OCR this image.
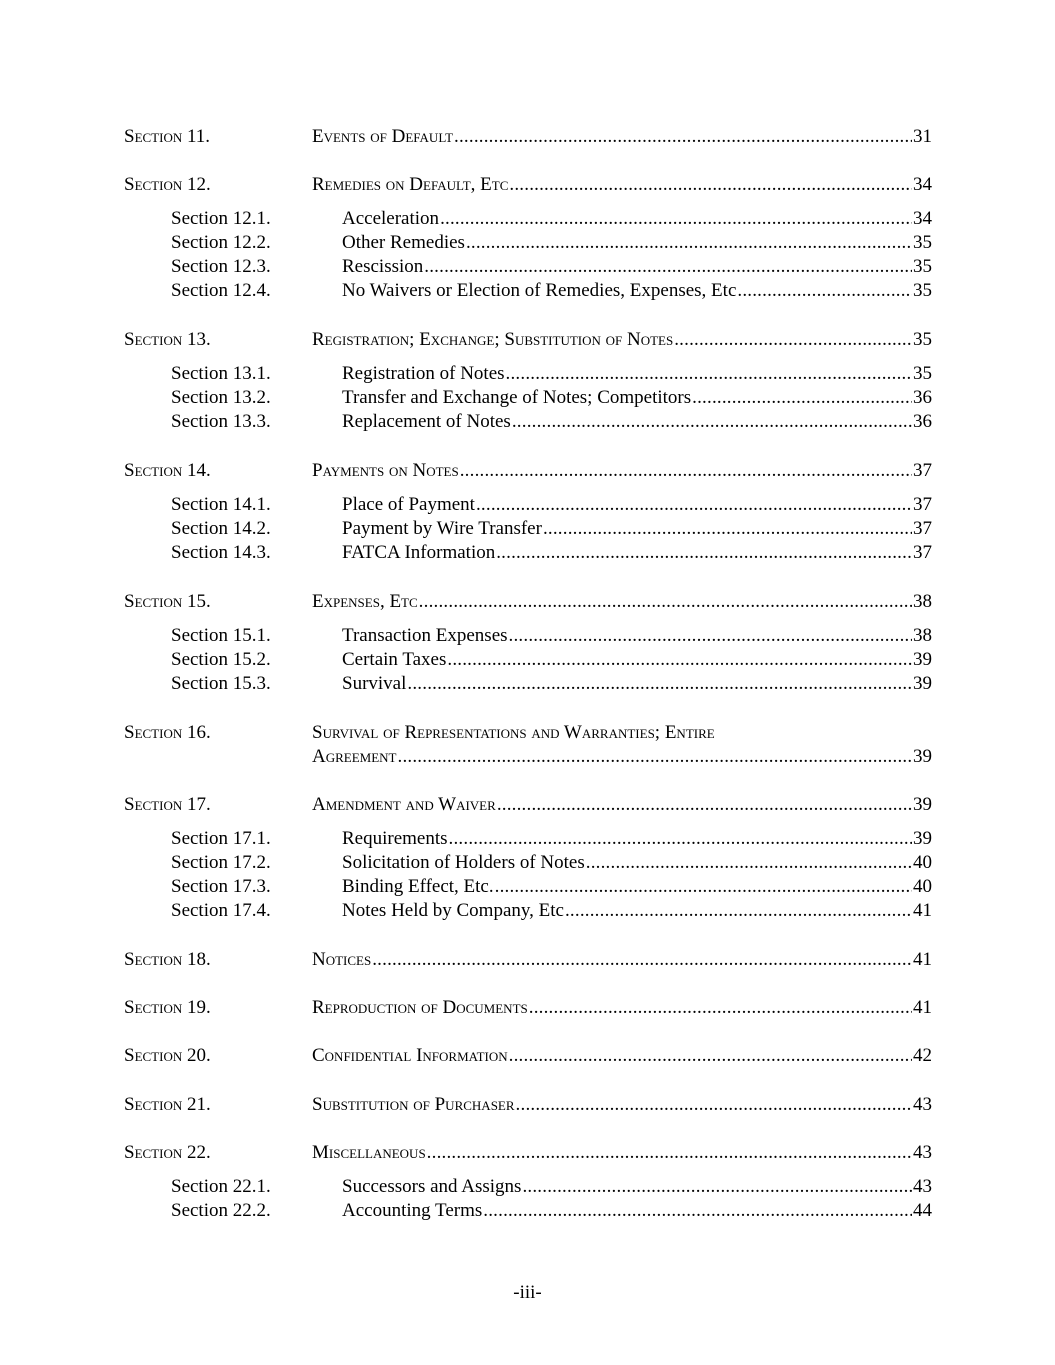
Section 11.	Events of Default .....	31
Section 12.	Remedies on Default, Etc .....	34
Section 12.1.	Acceleration .....	34
Section 12.2.	Other Remedies .....	35
Section 12.3.	Rescission .....	35
Section 12.4.	No Waivers or Election of Remedies, Expenses, Etc .....	35
Section 13.	Registration; Exchange; Substitution of Notes .....	35
Section 13.1.	Registration of Notes .....	35
Section 13.2.	Transfer and Exchange of Notes; Competitors .....	36
Section 13.3.	Replacement of Notes .....	36
Section 14.	Payments on Notes .....	37
Section 14.1.	Place of Payment .....	37
Section 14.2.	Payment by Wire Transfer .....	37
Section 14.3.	FATCA Information .....	37
Section 15.	Expenses, Etc .....	38
Section 15.1.	Transaction Expenses .....	38
Section 15.2.	Certain Taxes .....	39
Section 15.3.	Survival .....	39
Section 16.	Survival of Representations and Warranties; Entire
Agreement .....	39
Section 17.	Amendment and Waiver .....	39
Section 17.1.	Requirements .....	39
Section 17.2.	Solicitation of Holders of Notes .....	40
Section 17.3.	Binding Effect, Etc. .....	40
Section 17.4.	Notes Held by Company, Etc .....	41
Section 18.	Notices .....	41
Section 19.	Reproduction of Documents .....	41
Section 20.	Confidential Information .....	42
Section 21.	Substitution of Purchaser .....	43
Section 22.	Miscellaneous .....	43
Section 22.1.	Successors and Assigns .....	43
Section 22.2.	Accounting Terms .....	44
-iii-
